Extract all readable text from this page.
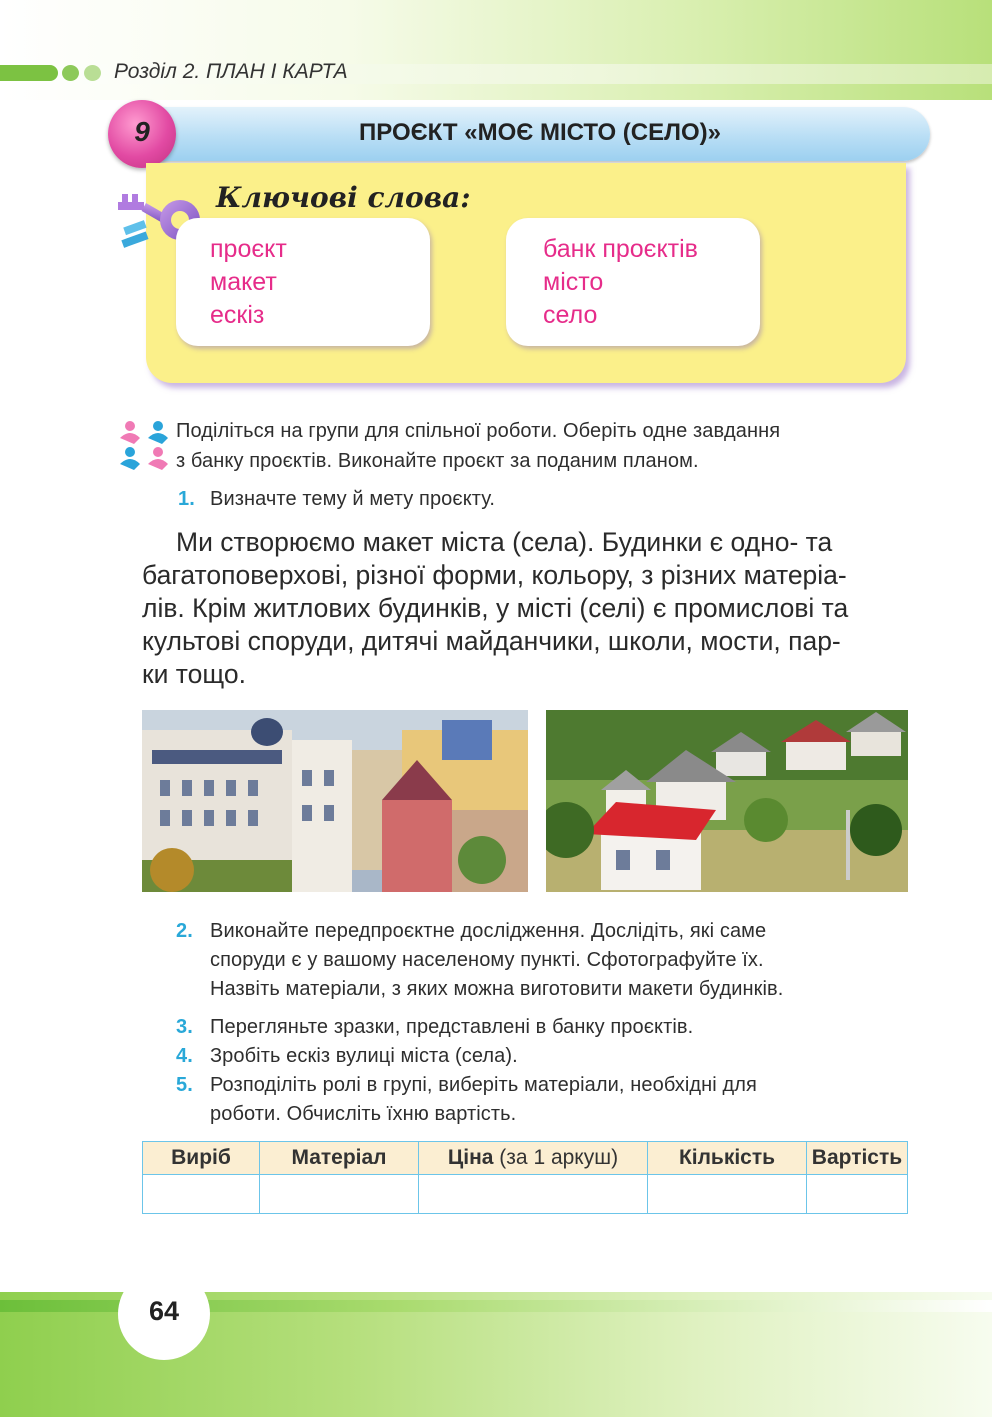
Розділ 2. ПЛАН І КАРТА
ПРОЄКТ «МОЄ МІСТО (СЕЛО)»
9
Ключові слова:
проєкт
макет
ескіз
банк проєктів
місто
село
Поділіться на групи для спільної роботи. Оберіть одне завдання
з банку проєктів. Виконайте проєкт за поданим планом.
1. Визначте тему й мету проєкту.
Ми створюємо макет міста (села). Будинки є одно- та
багатоповерхові, різної форми, кольору, з різних матеріа-
лів. Крім житлових будинків, у місті (селі) є промислові та
культові споруди, дитячі майданчики, школи, мости, пар-
ки тощо.
2. Виконайте передпроєктне дослідження. Дослідіть, які саме
споруди є у вашому населеному пункті. Сфотографуйте їх.
Назвіть матеріали, з яких можна виготовити макети будинків.
3. Перегляньте зразки, представлені в банку проєктів.
4. Зробіть ескіз вулиці міста (села).
5. Розподіліть ролі в групі, виберіть матеріали, необхідні для
роботи. Обчисліть їхню вартість.
Виріб	Матеріал	Ціна (за 1 аркуш)	Кількість	Вартість

64
